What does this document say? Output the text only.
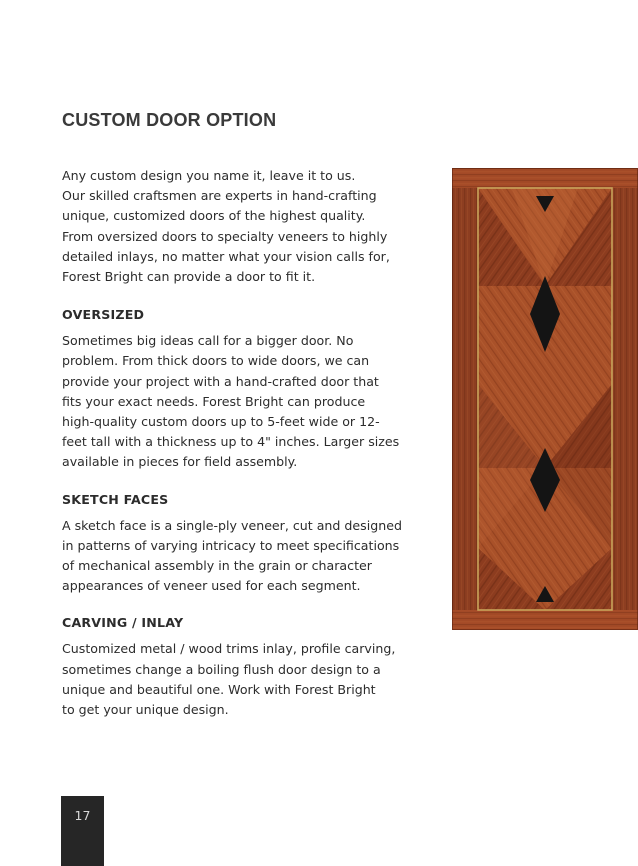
CUSTOM DOOR OPTION

Any custom design you name it, leave it to us.
Our skilled craftsmen are experts in hand-crafting
unique, customized doors of the highest quality.
From oversized doors to specialty veneers to highly
detailed inlays, no matter what your vision calls for,
Forest Bright can provide a door to fit it.

OVERSIZED

Sometimes big ideas call for a bigger door. No
problem. From thick doors to wide doors, we can
provide your project with a hand-crafted door that
fits your exact needs. Forest Bright can produce
high-quality custom doors up to 5-feet wide or 12-
feet tall with a thickness up to 4" inches. Larger sizes
available in pieces for field assembly.

SKETCH FACES

A sketch face is a single-ply veneer, cut and designed
in patterns of varying intricacy to meet specifications
of mechanical assembly in the grain or character
appearances of veneer used for each segment.

CARVING / INLAY

Customized metal / wood trims inlay, profile carving,
sometimes change a boiling flush door design to a
unique and beautiful one. Work with Forest Bright
to get your unique design.

17
